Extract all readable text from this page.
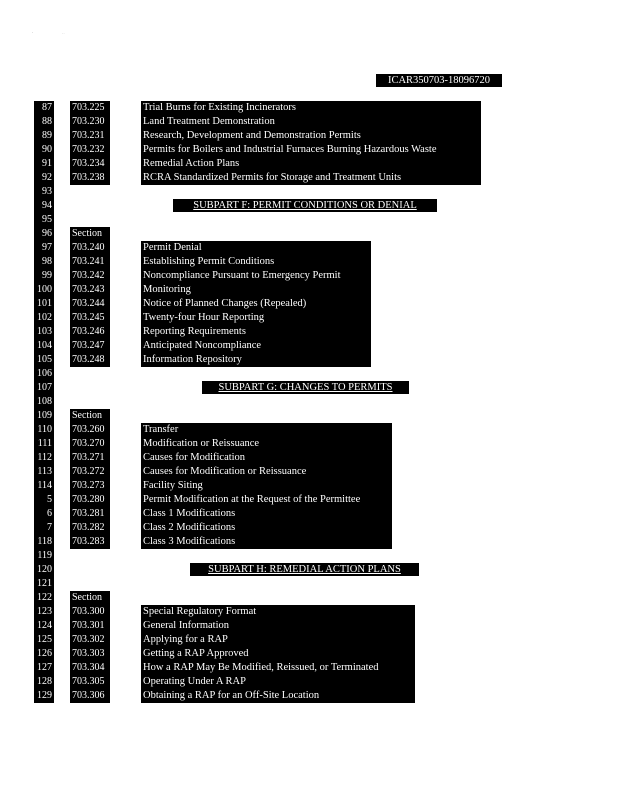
'	··
ICAR350703-18096720
87 703.225	Trial Burns for Existing Incinerators
88 703.230	Land Treatment Demonstration
89 703.231	Research, Development and Demonstration Permits
90 703.232	Permits for Boilers and Industrial Furnaces Burning Hazardous Waste
91 703.234	Remedial Action Plans
92 703.238	RCRA Standardized Permits for Storage and Treatment Units
93
94	SUBPART F: PERMIT CONDITIONS OR DENIAL
95
96 Section
97 703.240	Permit Denial
98 703.241	Establishing Permit Conditions
99 703.242	Noncompliance Pursuant to Emergency Permit
100 703.243	Monitoring
101 703.244	Notice of Planned Changes (Repealed)
102 703.245	Twenty-four Hour Reporting
103 703.246	Reporting Requirements
104 703.247	Anticipated Noncompliance
105 703.248	Information Repository
106
107	SUBPART G: CHANGES TO PERMITS
108
109 Section
110 703.260	Transfer
111 703.270	Modification or Reissuance
112 703.271	Causes for Modification
113 703.272	Causes for Modification or Reissuance
114 703.273	Facility Siting
5 703.280	Permit Modification at the Request of the Permittee
6 703.281	Class 1 Modifications
7 703.282	Class 2 Modifications
118 703.283	Class 3 Modifications
119
120	SUBPART H: REMEDIAL ACTION PLANS
121
122 Section
123 703.300	Special Regulatory Format
124 703.301	General Information
125 703.302	Applying for a RAP
126 703.303	Getting a RAP Approved
127 703.304	How a RAP May Be Modified, Reissued, or Terminated
128 703.305	Operating Under A RAP
129 703.306	Obtaining a RAP for an Off-Site Location
